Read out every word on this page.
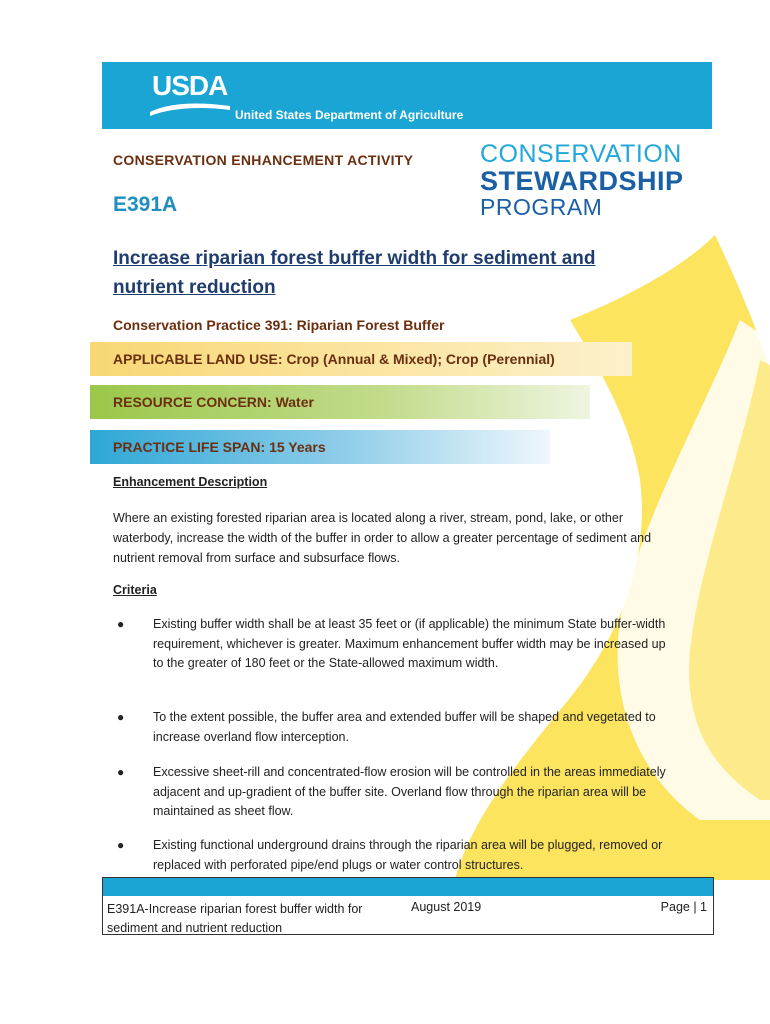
USDA
United States Department of Agriculture
CONSERVATION ENHANCEMENT ACTIVITY
E391A
CONSERVATION
STEWARDSHIP
PROGRAM
Increase riparian forest buffer width for sediment and nutrient reduction
Conservation Practice 391: Riparian Forest Buffer
APPLICABLE LAND USE: Crop (Annual & Mixed); Crop (Perennial)
RESOURCE CONCERN: Water
PRACTICE LIFE SPAN: 15 Years
Enhancement Description
Where an existing forested riparian area is located along a river, stream, pond, lake, or other waterbody, increase the width of the buffer in order to allow a greater percentage of sediment and nutrient removal from surface and subsurface flows.
Criteria
● Existing buffer width shall be at least 35 feet or (if applicable) the minimum State buffer-width requirement, whichever is greater. Maximum enhancement buffer width may be increased up to the greater of 180 feet or the State-allowed maximum width.
● To the extent possible, the buffer area and extended buffer will be shaped and vegetated to increase overland flow interception.
● Excessive sheet-rill and concentrated-flow erosion will be controlled in the areas immediately adjacent and up-gradient of the buffer site. Overland flow through the riparian area will be maintained as sheet flow.
● Existing functional underground drains through the riparian area will be plugged, removed or replaced with perforated pipe/end plugs or water control structures.
E391A-Increase riparian forest buffer width for sediment and nutrient reduction
August 2019	Page | 1
